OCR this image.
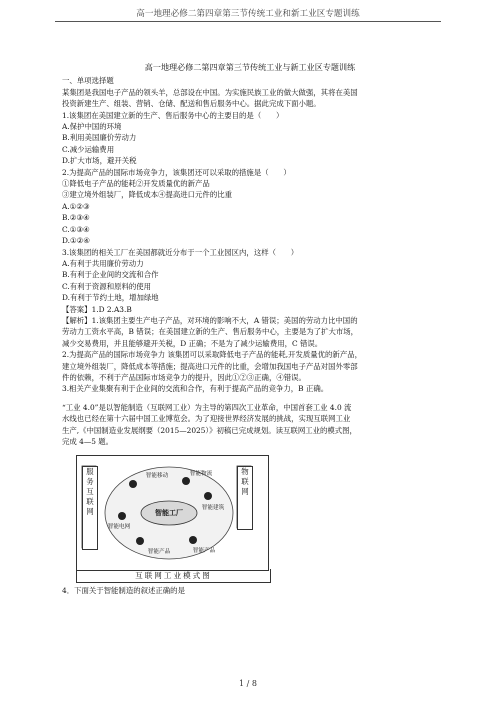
高一地理必修二第四章第三节传统工业和新工业区专题训练
高一地理必修二第四章第三节传统工业与新工业区专题训练
一、单项选择题
某集团是我国电子产品的领头羊，总部设在中国。为实施民族工业的做大做强，其将在美国
投资新建生产、组装、营销、仓储、配送和售后服务中心。据此完成下面小题。
1.该集团在美国建立新的生产、售后服务中心的主要目的是（　　）
A.保护中国的环境
B.利用美国廉价劳动力
C.减少运输费用
D.扩大市场，避开关税
2.为提高产品的国际市场竞争力，该集团还可以采取的措施是（　　）
①降低电子产品的能耗②开发质量优的新产品
③建立境外组装厂，降低成本④提高进口元件的比重
A.①②③
B.②③④
C.①③④
D.①②④
3.该集团的相关工厂在美国都就近分布于一个工业园区内，这样（　　）
A.有利于共用廉价劳动力
B.有利于企业间的交流和合作
C.有利于资源和原料的使用
D.有利于节约土地，增加绿地
【答案】1.D 2.A3.B
【解析】1.该集团主要生产电子产品，对环境的影响不大，A 错误；美国的劳动力比中国的
劳动力工资水平高，B 错误；在美国建立新的生产、售后服务中心，主要是为了扩大市场，
减少交易费用，并且能够避开关税，D 正确；不是为了减少运输费用，C 错误。
2.为提高产品的国际市场竞争力 该集团可以采取降低电子产品的能耗,开发质量优的新产品，
建立境外组装厂，降低成本等措施；提高进口元件的比重，会增加我国电子产品对国外零部
件的依赖，不利于产品国际市场竞争力的提升，因此①②③正确，④错误。
3.相关产业集聚有利于企业间的交流和合作，有利于提高产品的竞争力，B 正确。
“工业 4.0”是以智能制造（互联网工业）为主导的第四次工业革命，中国首套工业 4.0 流
水线也已经在第十六届中国工业博览会。为了迎接世界经济发展的挑战，实现互联网工业
生产,《中国制造业发展纲要（2015—2025）》初稿已完成规划。读互联网工业的模式图，
完成 4—5 题。
智能工厂
智能移动	智能物流
智能建筑
智能电网
智能产品	智能产品
服
务
互
联
网
物
联
网
互联网工业模式图
4．下面关于智能制造的叙述正确的是
1 / 8
